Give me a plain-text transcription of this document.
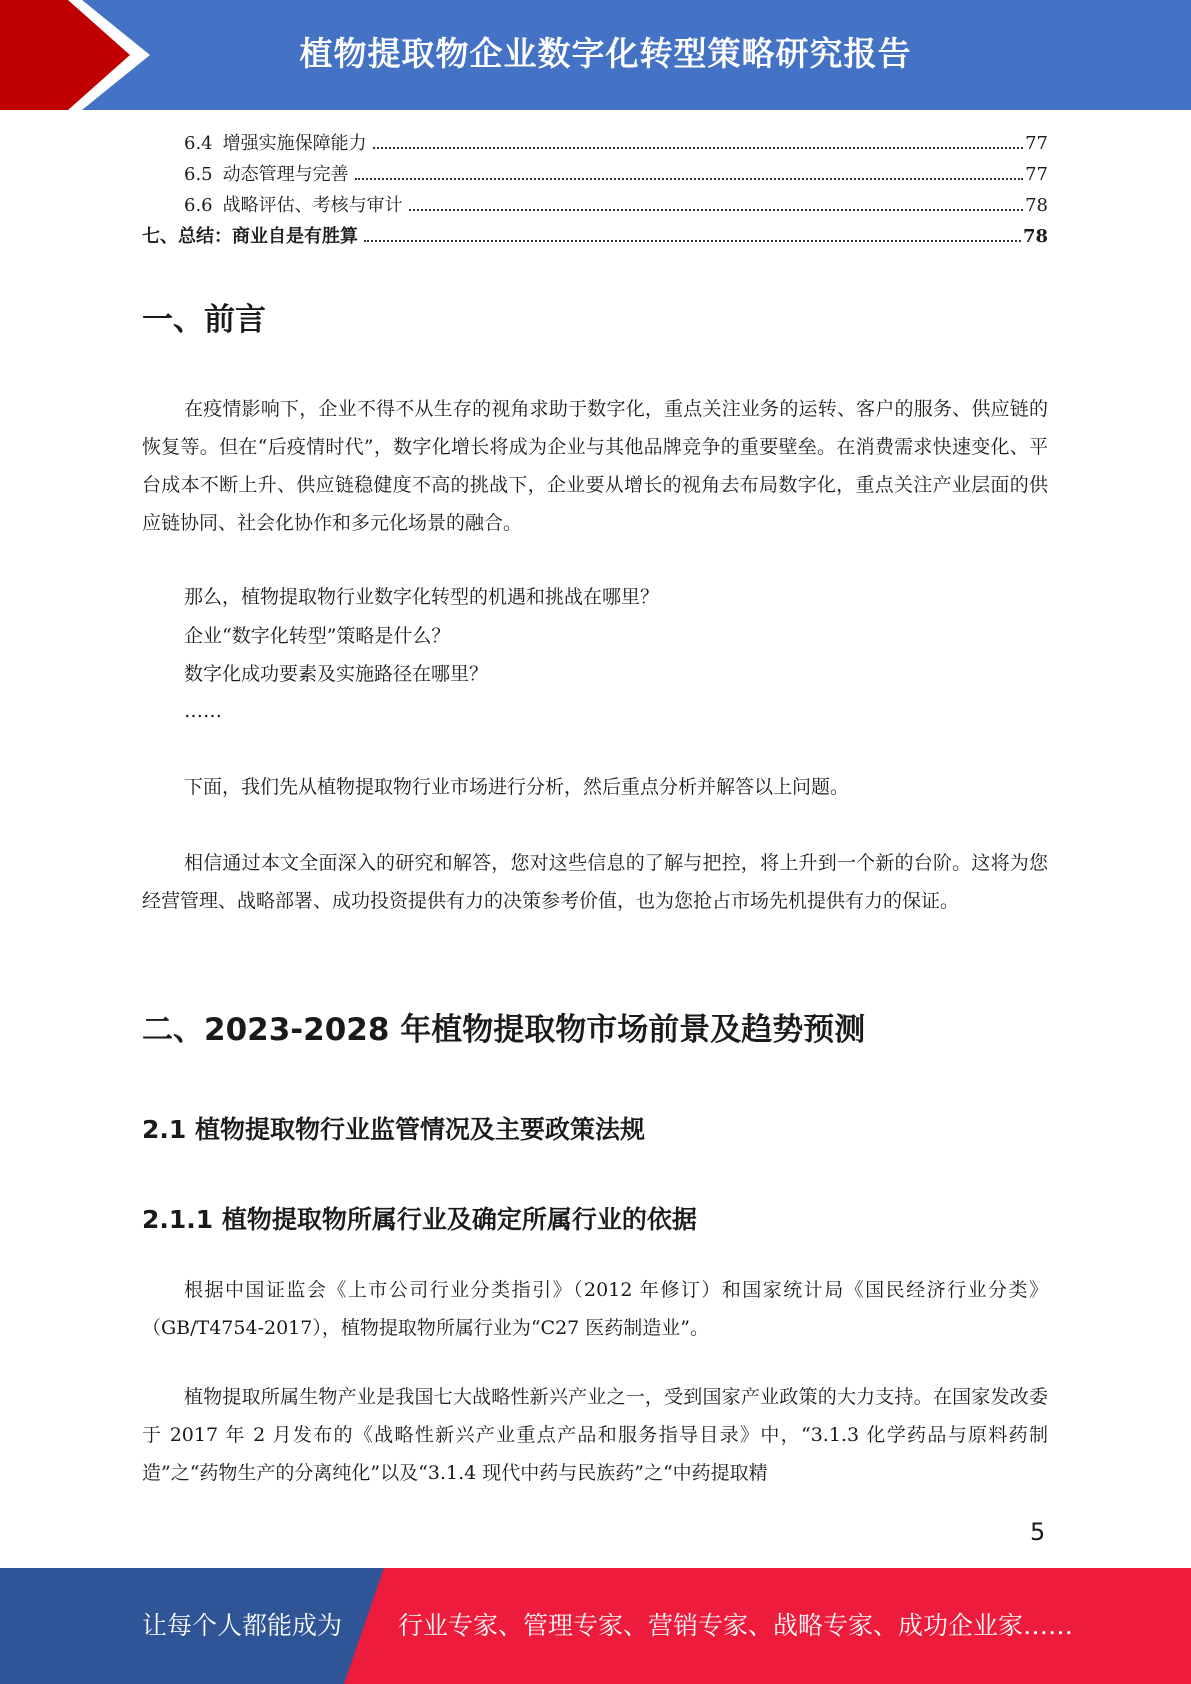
植物提取物企业数字化转型策略研究报告
6.4 增强实施保障能力	77
6.5 动态管理与完善	77
6.6 战略评估、考核与审计	78
七、 总结：商业自是有胜算	78
一、前言

在疫情影响下，企业不得不从生存的视角求助于数字化，重点关注业务的运转、客户的服务、供应链的恢复等。但在“后疫情时代”，数字化增长将成为企业与其他品牌竞争的重要壁垒。在消费需求快速变化、平台成本不断上升、供应链稳健度不高的挑战下，企业要从增长的视角去布局数字化，重点关注产业层面的供应链协同、社会化协作和多元化场景的融合。

那么，植物提取物行业数字化转型的机遇和挑战在哪里？

企业“数字化转型”策略是什么？

数字化成功要素及实施路径在哪里？

……

下面，我们先从植物提取物行业市场进行分析，然后重点分析并解答以上问题。

相信通过本文全面深入的研究和解答，您对这些信息的了解与把控，将上升到一个新的台阶。这将为您经营管理、战略部署、成功投资提供有力的决策参考价值，也为您抢占市场先机提供有力的保证。

二、2023-2028 年植物提取物市场前景及趋势预测
2.1 植物提取物行业监管情况及主要政策法规
2.1.1 植物提取物所属行业及确定所属行业的依据

根据中国证监会《上市公司行业分类指引》（2012 年修订）和国家统计局《国民经济行业分类》（GB/T4754-2017），植物提取物所属行业为“C27 医药制造业”。

植物提取所属生物产业是我国七大战略性新兴产业之一，受到国家产业政策的大力支持。在国家发改委于 2017 年 2 月发布的《战略性新兴产业重点产品和服务指导目录》中，“3.1.3 化学药品与原料药制造”之“药物生产的分离纯化”以及“3.1.4 现代中药与民族药”之“中药提取精

5
让每个人都能成为 行业专家、管理专家、营销专家、战略专家、成功企业家……
